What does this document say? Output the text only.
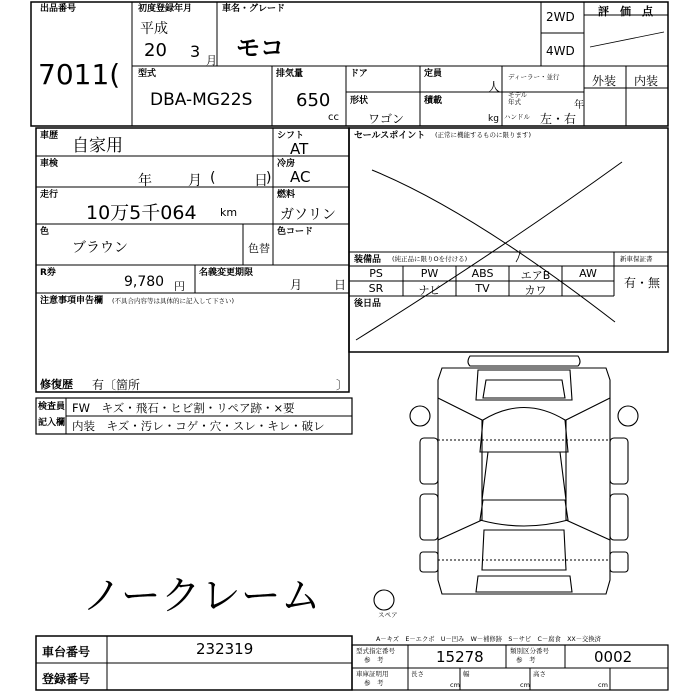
出品番号
7011(
初度登録年月
平成
20 3 月
車名・グレード
モコ
2WD
4WD
評　価　点
型式
DBA-MG22S
排気量
650
cc
ドア	定員
人
ディーラー・並行
モデル
年式	年
外装 内装
形状
ワゴン
積載
kg ハンドル 左・右
車歴 自家用
車検
年	月 (	日
)
走行
10万5千064 km
色
ブラウン	色替
R券
9,780 円
名義変更期限
月	日
注意事項申告欄 (不具合内容等は具体的に記入して下さい)
修復歴 有〔箇所	〕
シフト
AT
冷房
AC
燃料
ガソリン
色コード
セールスポイント (正常に機能するものに限ります)
装備品 (純正品に限りOを付ける)
PS	PW	ABS	エアB	AW
SR	ナビ	TV	カワ
新車保証書
有・無
後日品
検査員
記入欄
FW　キズ・飛石・ヒビ割・リペア跡・×要
内装　キズ・汚レ・コゲ・穴・スレ・キレ・破レ
ノークレーム	スペア
A－キズ　E－エクボ　U－凹み　W－補修跡　S－サビ　C－腐食　XX－交換済
車台番号	232319
登録番号
型式指定番号
参　考	15278	類別区分番号
参　考	0002
車庫証明用
参　考
長さ
cm
幅
cm
高さ
cm
